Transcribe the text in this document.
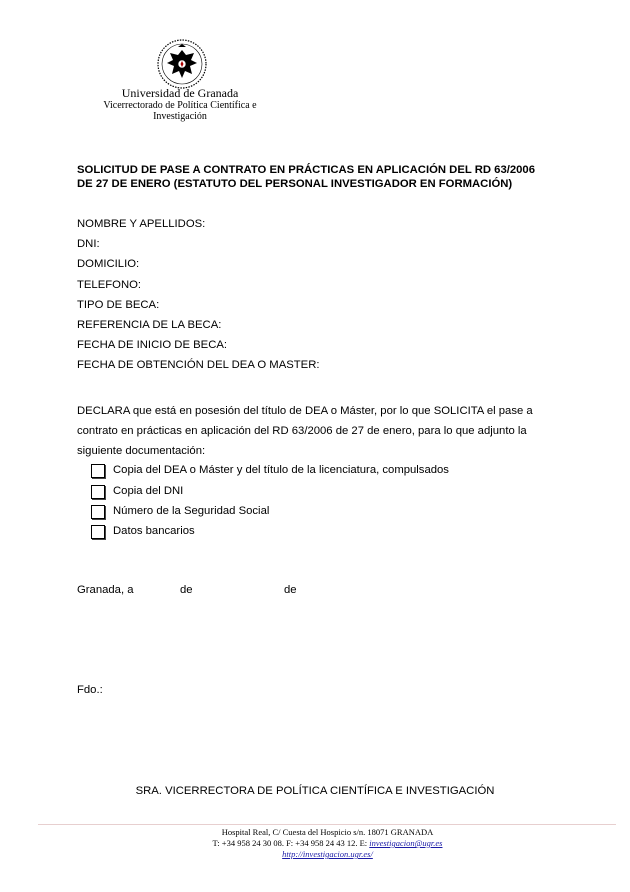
Universidad de Granada
Vicerrectorado de Política Científica e
Investigación
SOLICITUD DE PASE A CONTRATO EN PRÁCTICAS EN APLICACIÓN DEL RD 63/2006
DE 27 DE ENERO (ESTATUTO DEL PERSONAL INVESTIGADOR EN FORMACIÓN)
NOMBRE Y APELLIDOS:
DNI:
DOMICILIO:
TELEFONO:
TIPO DE BECA:
REFERENCIA DE LA BECA:
FECHA DE INICIO DE BECA:
FECHA DE OBTENCIÓN DEL DEA O MASTER:

DECLARA que está en posesión del título de DEA o Máster, por lo que SOLICITA el pase a
contrato en prácticas en aplicación del RD 63/2006 de 27 de enero, para lo que adjunto la
siguiente documentación:

Copia del DEA o Máster y del título de la licenciatura, compulsados
Copia del DNI
Número de la Seguridad Social
Datos bancarios
Granada, a	de	de
Fdo.:
SRA. VICERRECTORA DE POLÍTICA CIENTÍFICA E INVESTIGACIÓN
Hospital Real, C/ Cuesta del Hospicio s/n. 18071 GRANADA
T: +34 958 24 30 08. F: +34 958 24 43 12. E: investigacion@ugr.es
http://investigacion.ugr.es/
